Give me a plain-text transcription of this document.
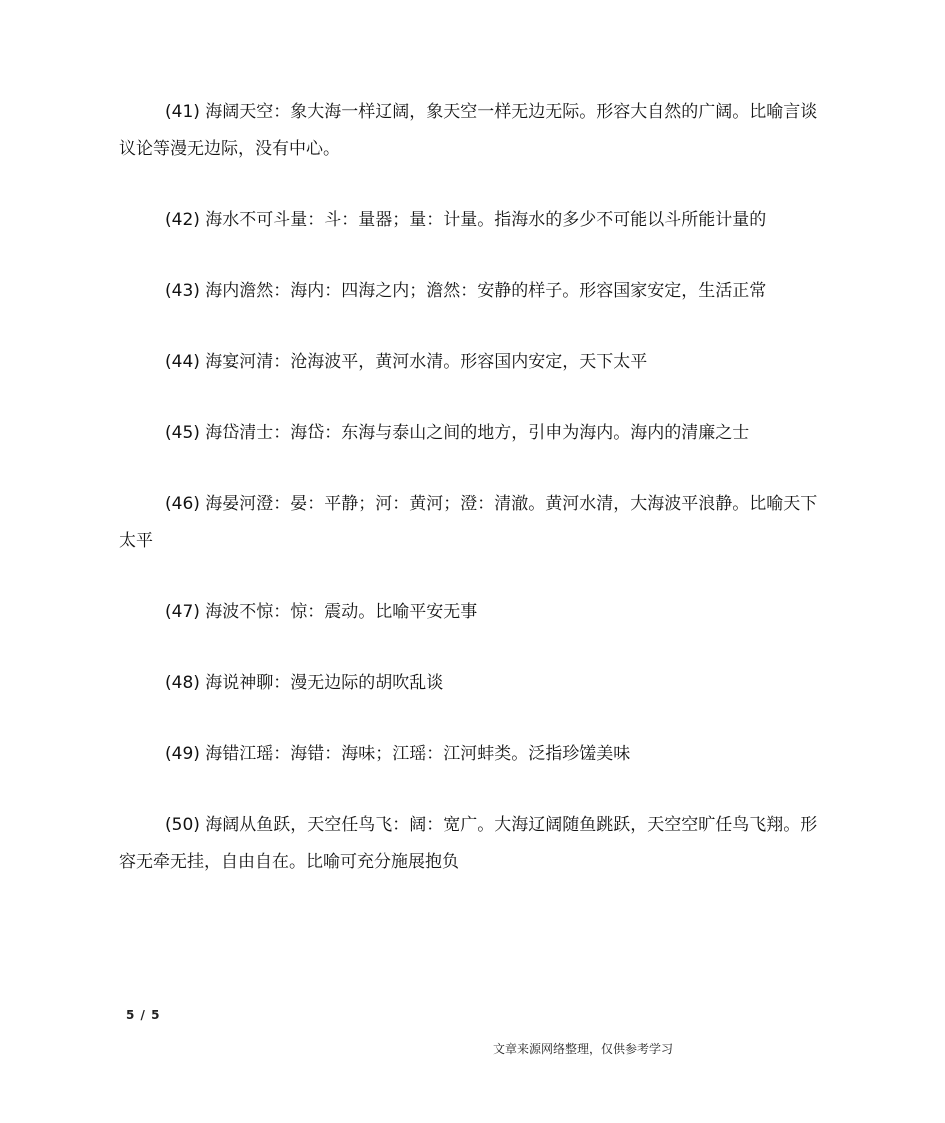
(41) 海阔天空：象大海一样辽阔，象天空一样无边无际。形容大自然的广阔。比喻言谈议论等漫无边际，没有中心。

(42) 海水不可斗量：斗：量器；量：计量。指海水的多少不可能以斗所能计量的

(43) 海内澹然：海内：四海之内；澹然：安静的样子。形容国家安定，生活正常

(44) 海宴河清：沧海波平，黄河水清。形容国内安定，天下太平

(45) 海岱清士：海岱：东海与泰山之间的地方，引申为海内。海内的清廉之士

(46) 海晏河澄：晏：平静；河：黄河；澄：清澈。黄河水清，大海波平浪静。比喻天下太平

(47) 海波不惊：惊：震动。比喻平安无事

(48) 海说神聊：漫无边际的胡吹乱谈

(49) 海错江瑶：海错：海味；江瑶：江河蚌类。泛指珍馐美味

(50) 海阔从鱼跃，天空任鸟飞：阔：宽广。大海辽阔随鱼跳跃，天空空旷任鸟飞翔。形容无牵无挂，自由自在。比喻可充分施展抱负

5 / 5
文章来源网络整理，仅供参考学习
